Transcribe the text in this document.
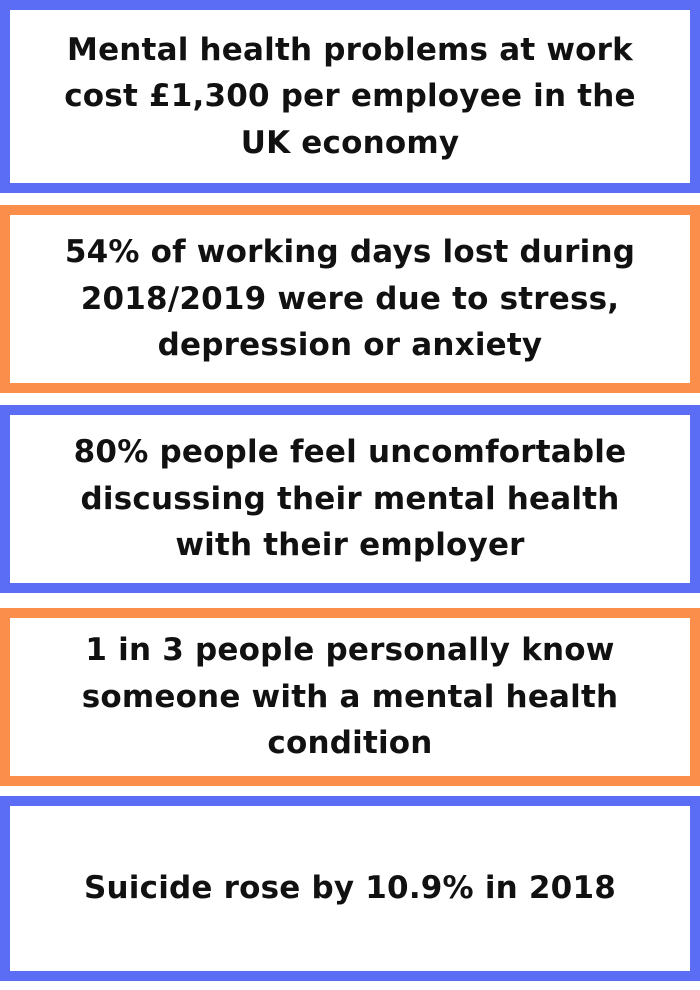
Mental health problems at work
cost £1,300 per employee in the
UK economy

54% of working days lost during
2018/2019 were due to stress,
depression or anxiety

80% people feel uncomfortable
discussing their mental health
with their employer

1 in 3 people personally know
someone with a mental health
condition

Suicide rose by 10.9% in 2018
